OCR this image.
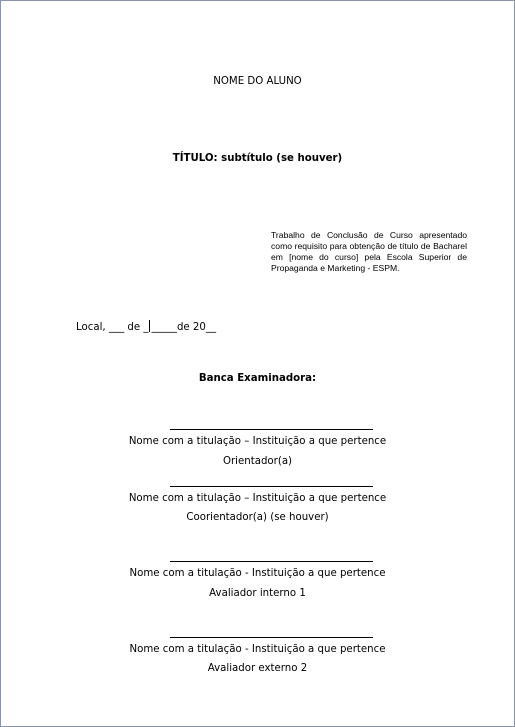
NOME DO ALUNO
TÍTULO: subtítulo (se houver)
Trabalho de Conclusão de Curso apresentado como requisito para obtenção de título de Bacharel em [nome do curso] pela Escola Superior de Propaganda e Marketing - ESPM.
Local, ___ de _ _____de 20__
Banca Examinadora:
Nome com a titulação – Instituição a que pertence
Orientador(a)
Nome com a titulação – Instituição a que pertence
Coorientador(a) (se houver)
Nome com a titulação - Instituição a que pertence
Avaliador interno 1
Nome com a titulação - Instituição a que pertence
Avaliador externo 2
